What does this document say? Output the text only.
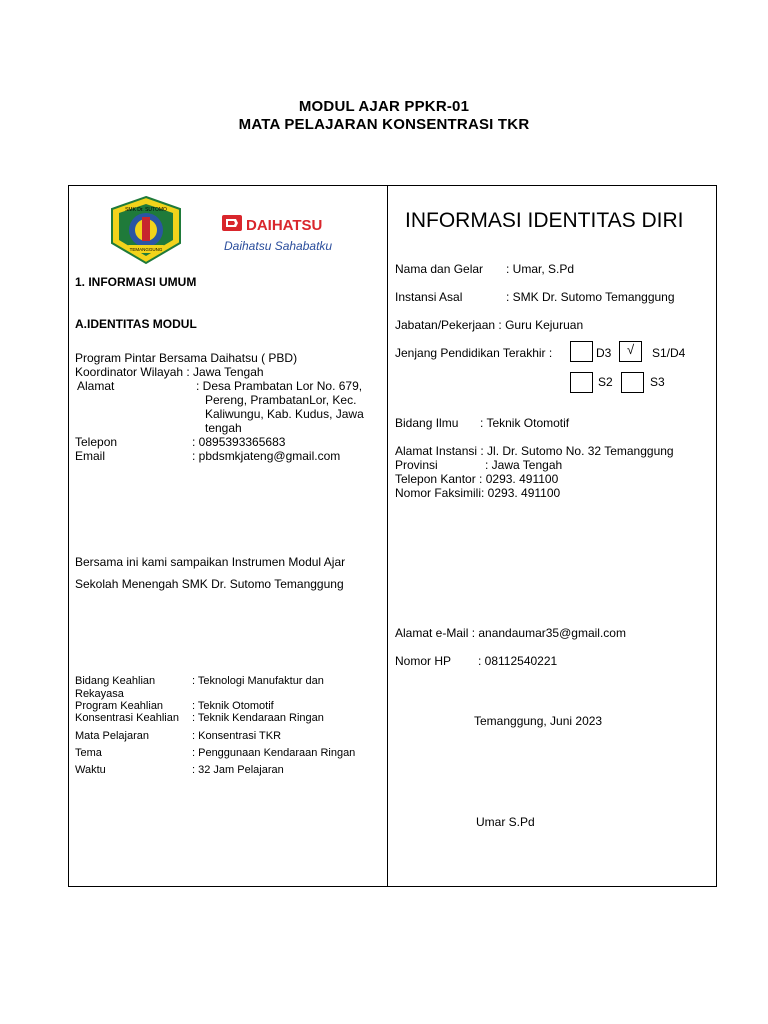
MODUL AJAR PPKR-01
MATA PELAJARAN KONSENTRASI TKR
SMK Dr. SUTOMO
TEMANGGUNG
DAIHATSU
Daihatsu Sahabatku
1. INFORMASI UMUM
A.IDENTITAS MODUL
Program Pintar Bersama Daihatsu ( PBD)
Koordinator Wilayah : Jawa Tengah
Alamat	: Desa Prambatan Lor No. 679,
Pereng, PrambatanLor, Kec.
Kaliwungu, Kab. Kudus, Jawa
tengah
Telepon	: 0895393365683
Email	: pbdsmkjateng@gmail.com
Bersama ini kami sampaikan Instrumen Modul Ajar
Sekolah Menengah SMK Dr. Sutomo Temanggung
Bidang Keahlian	: Teknologi Manufaktur dan
Rekayasa
Program Keahlian	: Teknik Otomotif
Konsentrasi Keahlian : Teknik Kendaraan Ringan
Mata Pelajaran	: Konsentrasi TKR
Tema	: Penggunaan Kendaraan Ringan
Waktu	: 32 Jam Pelajaran
INFORMASI IDENTITAS DIRI
Nama dan Gelar : Umar, S.Pd
Instansi Asal	: SMK Dr. Sutomo Temanggung
Jabatan/Pekerjaan : Guru Kejuruan
Jenjang Pendidikan Terakhir :	D3 √ S1/D4
S2	S3
Bidang Ilmu : Teknik Otomotif
Alamat Instansi : Jl. Dr. Sutomo No. 32 Temanggung
Provinsi	: Jawa Tengah
Telepon Kantor : 0293. 491100
Nomor Faksimili: 0293. 491100
Alamat e-Mail : anandaumar35@gmail.com
Nomor HP : 08112540221
Temanggung, Juni 2023
Umar S.Pd
